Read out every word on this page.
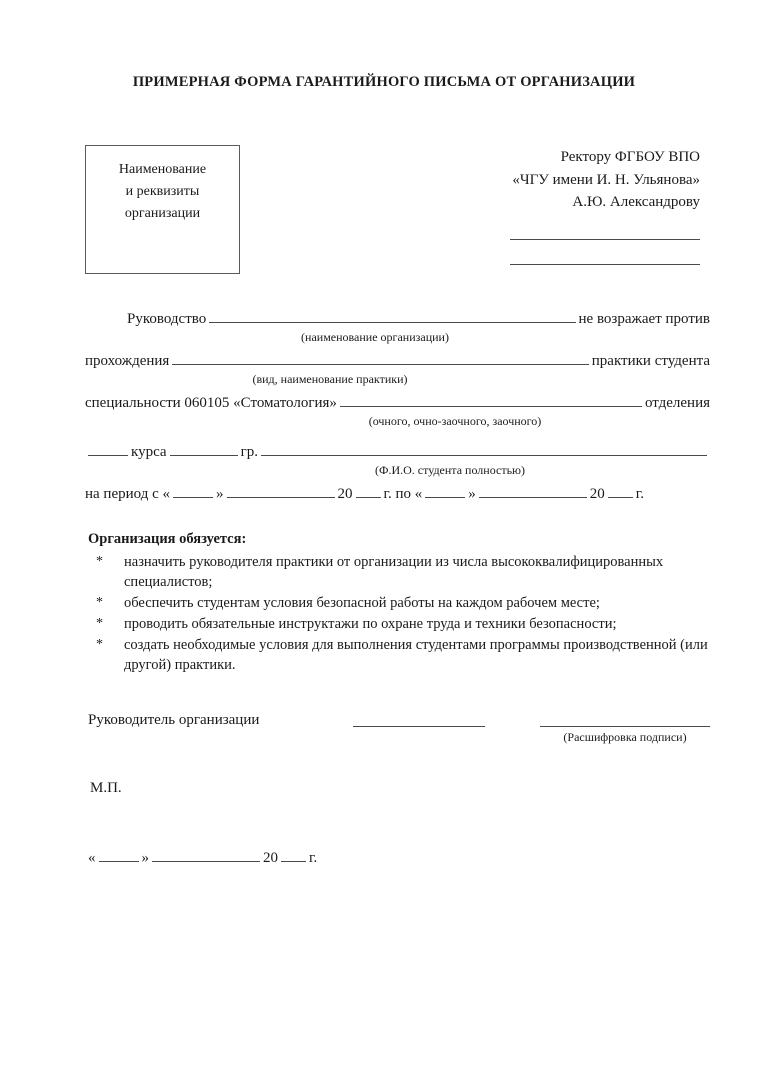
ПРИМЕРНАЯ ФОРМА ГАРАНТИЙНОГО ПИСЬМА ОТ ОРГАНИЗАЦИИ
Наименование
и реквизиты
организации
Ректору ФГБОУ ВПО
«ЧГУ имени И. Н. Ульянова»
А.Ю. Александрову
Руководство	не возражает против
(наименование организации)
прохождения	практики студента
(вид, наименование практики)
специальности 060105 «Стоматология»	отделения
(очного, очно-заочного, заочного)
курса	гр.
(Ф.И.О. студента полностью)
на период с «	»	20 г. по «	»	20 г.
Организация обязуется:
*	назначить руководителя практики от организации из числа высококвалифицированных специалистов;
*	обеспечить студентам условия безопасной работы на каждом рабочем месте;
*	проводить обязательные инструктажи по охране труда и техники безопасности;
*	создать необходимые условия для выполнения студентами программы производственной (или другой) практики.
Руководитель организации
(Расшифровка подписи)
М.П.
«	»	20 г.
